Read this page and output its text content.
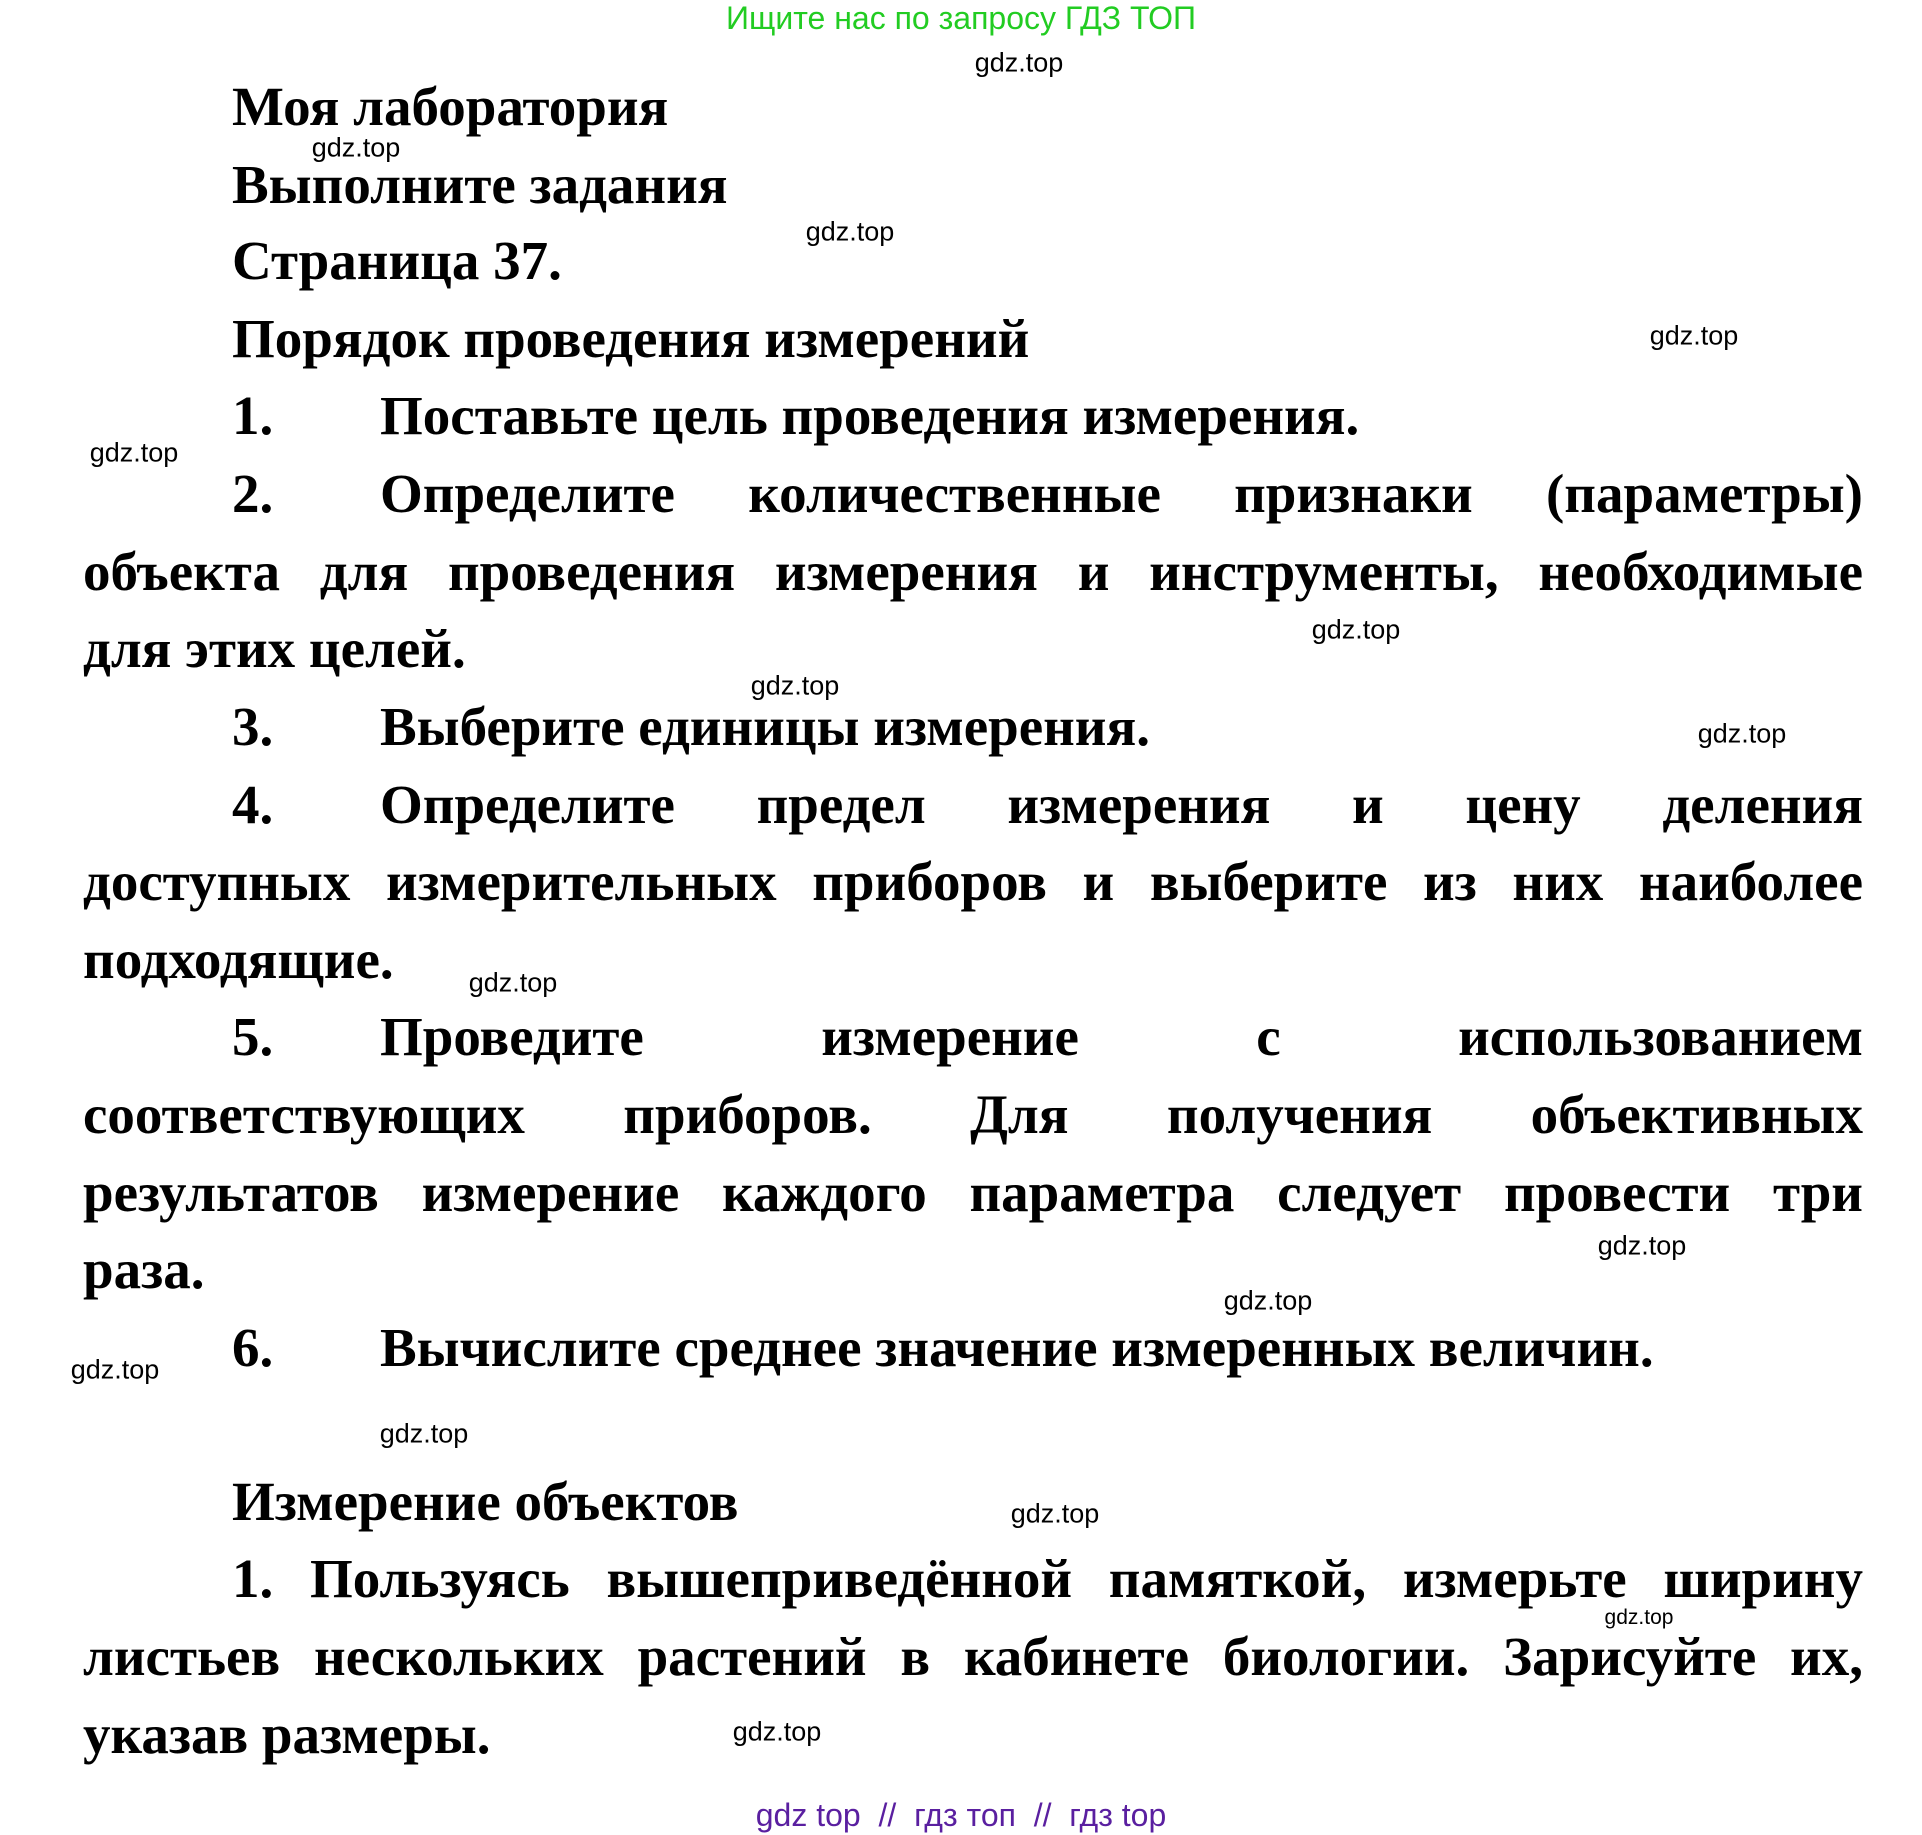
Ищите нас по запросу ГДЗ ТОП
Моя лаборатория
Выполните задания
Страница 37.
Порядок проведения измерений
1. Поставьте цель проведения измерения.
2. Определите количественные признаки (параметры)
объекта для проведения измерения и инструменты, необходимые
для этих целей.
3. Выберите единицы измерения.
4. Определите предел измерения и цену деления
доступных измерительных приборов и выберите из них наиболее
подходящие.
5. Проведите измерение с использованием
соответствующих приборов. Для получения объективных
результатов измерение каждого параметра следует провести три
раза.
6. Вычислите среднее значение измеренных величин.
Измерение объектов
1. Пользуясь вышеприведённой памяткой, измерьте ширину
листьев нескольких растений в кабинете биологии. Зарисуйте их,
указав размеры.
gdz.top
gdz.top
gdz.top
gdz.top
gdz.top
gdz.top
gdz.top
gdz.top
gdz.top
gdz.top
gdz.top
gdz.top
gdz.top
gdz.top
gdz.top
gdz.top
gdz top  //  гдз топ  //  гдз top
